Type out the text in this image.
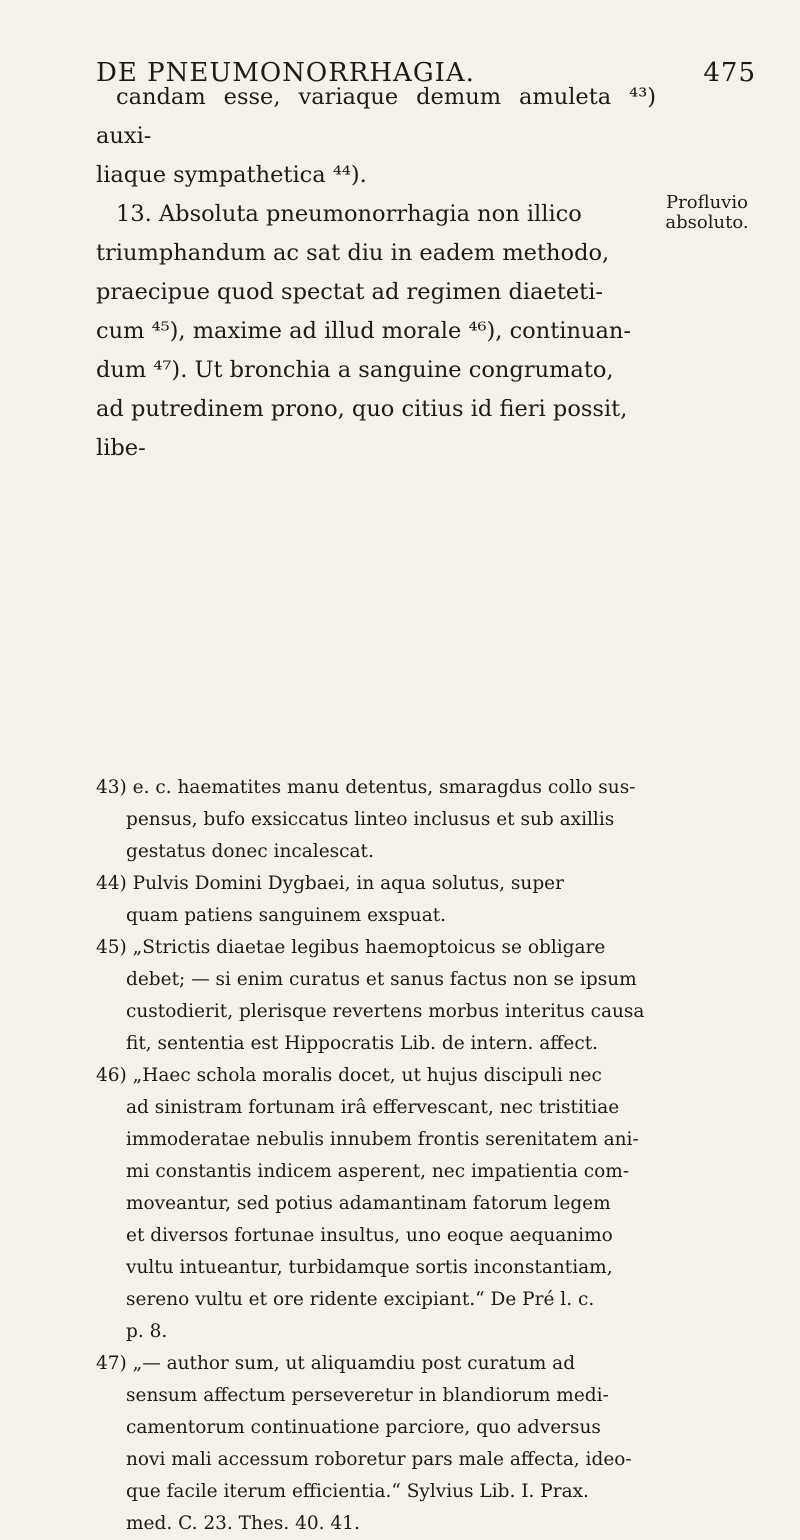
DE PNEUMONORRHAGIA.	475

candam esse, variaque demum amuleta ⁴³) auxi-

liaque sympathetica ⁴⁴).

13. Absoluta pneumonorrhagia non illico

triumphandum ac sat diu in eadem methodo,

praecipue quod spectat ad regimen diaeteti-

cum ⁴⁵), maxime ad illud morale ⁴⁶), continuan-

dum ⁴⁷). Ut bronchia a sanguine congrumato,

ad putredinem prono, quo citius id fieri possit,

libe-

Profluvio
absoluto.
43) e. c. haematites manu detentus, smaragdus collo sus-
pensus, bufo exsiccatus linteo inclusus et sub axillis
gestatus donec incalescat.
44) Pulvis Domini Dygbaei, in aqua solutus, super
quam patiens sanguinem exspuat.
45) „Strictis diaetae legibus haemoptoicus se obligare
debet; — si enim curatus et sanus factus non se ipsum
custodierit, plerisque revertens morbus interitus causa
fit, sententia est Hippocratis Lib. de intern. affect.
46) „Haec schola moralis docet, ut hujus discipuli nec
ad sinistram fortunam irâ effervescant, nec tristitiae
immoderatae nebulis innubem frontis serenitatem ani-
mi constantis indicem asperent, nec impatientia com-
moveantur, sed potius adamantinam fatorum legem
et diversos fortunae insultus, uno eoque aequanimo
vultu intueantur, turbidamque sortis inconstantiam,
sereno vultu et ore ridente excipiant.“ De Pré l. c.
p. 8.
47) „— author sum, ut aliquamdiu post curatum ad
sensum affectum perseveretur in blandiorum medi-
camentorum continuatione parciore, quo adversus
novi mali accessum roboretur pars male affecta, ideo-
que facile iterum efficientia.“ Sylvius Lib. I. Prax.
med. C. 23. Thes. 40. 41.
